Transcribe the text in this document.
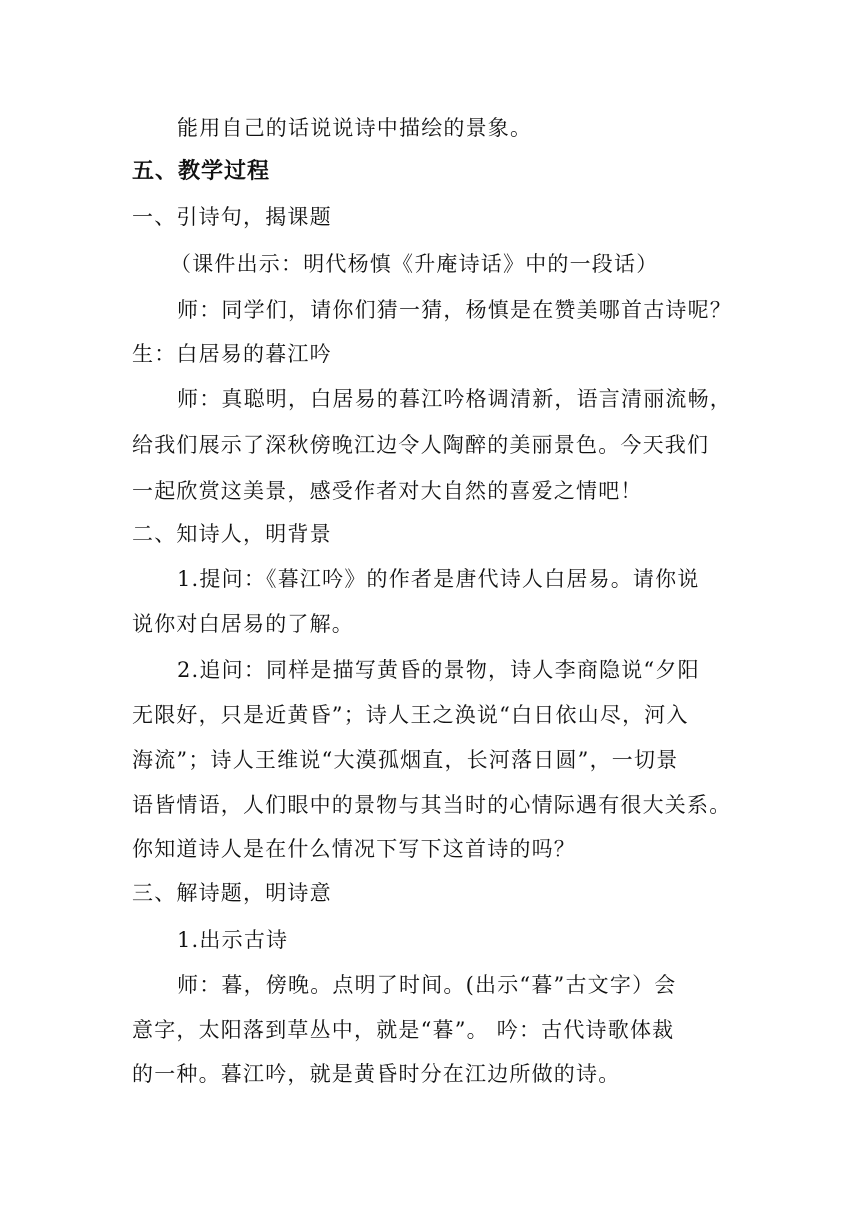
能用自己的话说说诗中描绘的景象。
五、教学过程
一、引诗句，揭课题
（课件出示：明代杨慎《升庵诗话》中的一段话）
师：同学们，请你们猜一猜，杨慎是在赞美哪首古诗呢？
生：白居易的暮江吟
师：真聪明，白居易的暮江吟格调清新，语言清丽流畅，
给我们展示了深秋傍晚江边令人陶醉的美丽景色。今天我们
一起欣赏这美景，感受作者对大自然的喜爱之情吧！
二、知诗人，明背景
1.提问：《暮江吟》的作者是唐代诗人白居易。请你说
说你对白居易的了解。
2.追问：同样是描写黄昏的景物，诗人李商隐说“夕阳
无限好，只是近黄昏”；诗人王之涣说“白日依山尽，河入
海流”；诗人王维说“大漠孤烟直，长河落日圆”，一切景
语皆情语，人们眼中的景物与其当时的心情际遇有很大关系。
你知道诗人是在什么情况下写下这首诗的吗？
三、解诗题，明诗意
1.出示古诗
师：暮，傍晚。点明了时间。(出示“暮”古文字）会
意字，太阳落到草丛中，就是“暮”。 吟：古代诗歌体裁
的一种。暮江吟，就是黄昏时分在江边所做的诗。
